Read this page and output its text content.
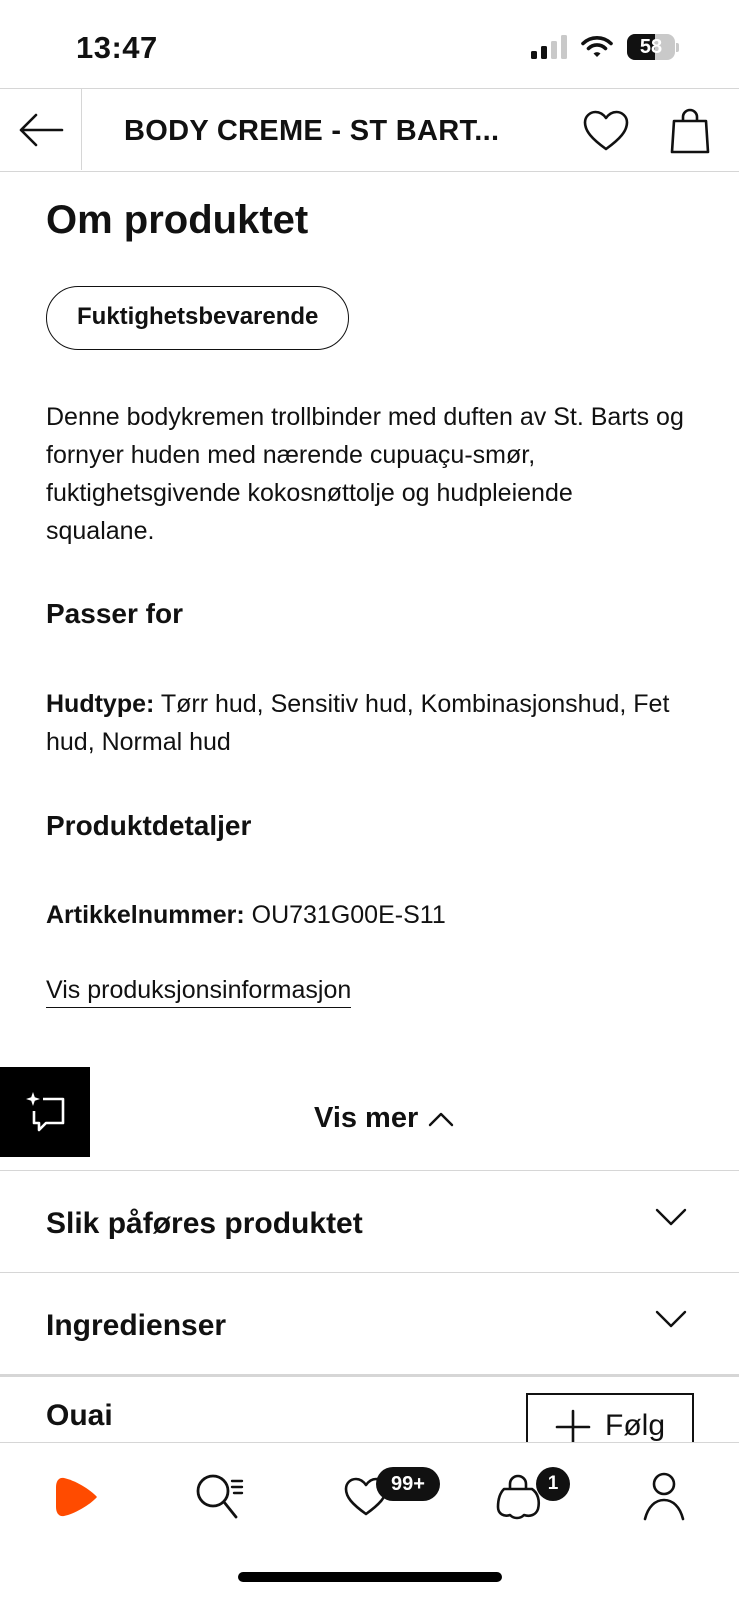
13:47	58
BODY CREME - ST BART...
Om produktet
Fuktighetsbevarende
Denne bodykremen trollbinder med duften av St. Barts og fornyer huden med nærende cupuaçu-smør, fuktighetsgivende kokosnøttolje og hudpleiende squalane.
Passer for
Hudtype: Tørr hud, Sensitiv hud, Kombinasjonshud, Fet hud, Normal hud
Produktdetaljer
Artikkelnummer: OU731G00E-S11
Vis produksjonsinformasjon
Vis mer
Slik påføres produktet
Ingredienser
Ouai	Følg
99+	1
